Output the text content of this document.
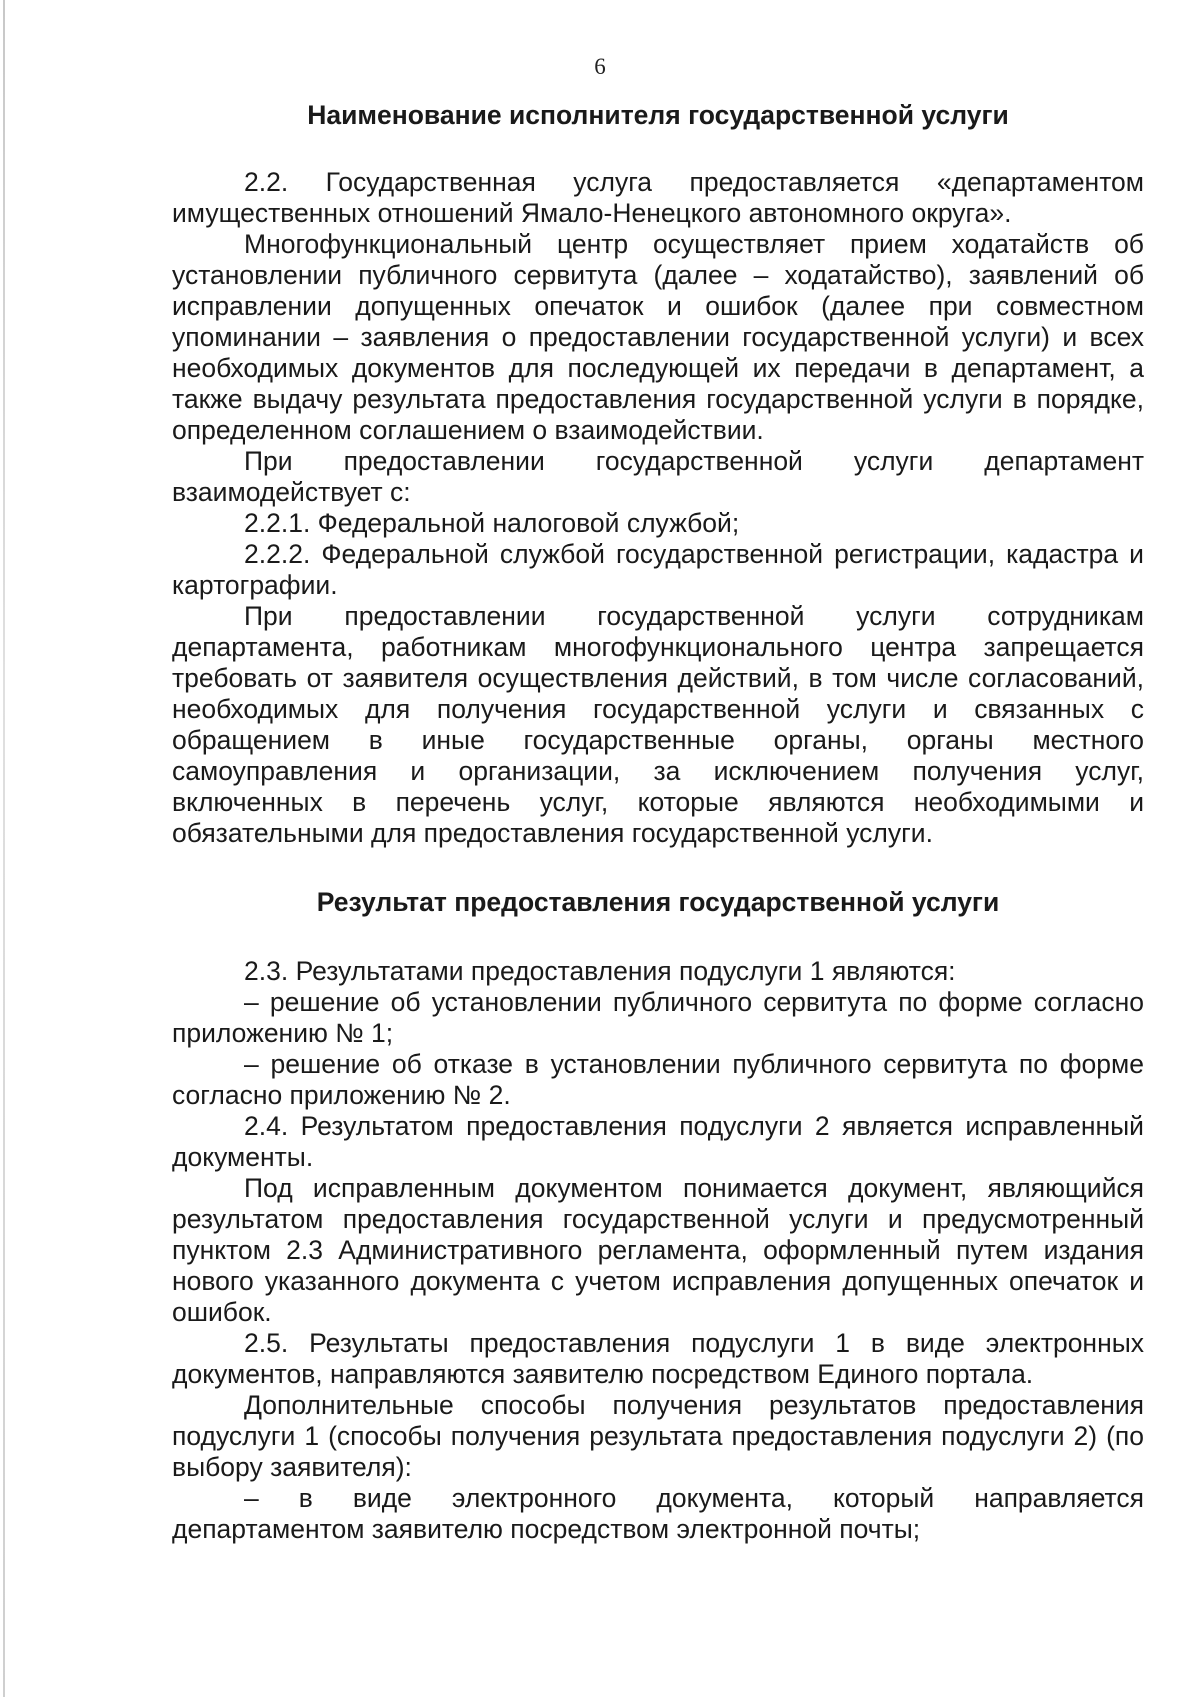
6

Наименование исполнителя государственной услуги

2.2. Государственная услуга предоставляется «департаментом имущественных отношений Ямало-Ненецкого автономного округа».

Многофункциональный центр осуществляет прием ходатайств об установлении публичного сервитута (далее – ходатайство), заявлений об исправлении допущенных опечаток и ошибок (далее при совместном упоминании – заявления о предоставлении государственной услуги) и всех необходимых документов для последующей их передачи в департамент, а также выдачу результата предоставления государственной услуги в порядке, определенном соглашением о взаимодействии.

При предоставлении государственной услуги департамент взаимодействует с:

2.2.1. Федеральной налоговой службой;

2.2.2. Федеральной службой государственной регистрации, кадастра и картографии.

При предоставлении государственной услуги сотрудникам департамента, работникам многофункционального центра запрещается требовать от заявителя осуществления действий, в том числе согласований, необходимых для получения государственной услуги и связанных с обращением в иные государственные органы, органы местного самоуправления и организации, за исключением получения услуг, включенных в перечень услуг, которые являются необходимыми и обязательными для предоставления государственной услуги.

Результат предоставления государственной услуги

2.3. Результатами предоставления подуслуги 1 являются:

– решение об установлении публичного сервитута по форме согласно приложению № 1;

– решение об отказе в установлении публичного сервитута по форме согласно приложению № 2.

2.4. Результатом предоставления подуслуги 2 является исправленный документы.

Под исправленным документом понимается документ, являющийся результатом предоставления государственной услуги и предусмотренный пунктом 2.3 Административного регламента, оформленный путем издания нового указанного документа с учетом исправления допущенных опечаток и ошибок.

2.5. Результаты предоставления подуслуги 1 в виде электронных документов, направляются заявителю посредством Единого портала.

Дополнительные способы получения результатов предоставления подуслуги 1 (способы получения результата предоставления подуслуги 2) (по выбору заявителя):

– в виде электронного документа, который направляется департаментом заявителю посредством электронной почты;
